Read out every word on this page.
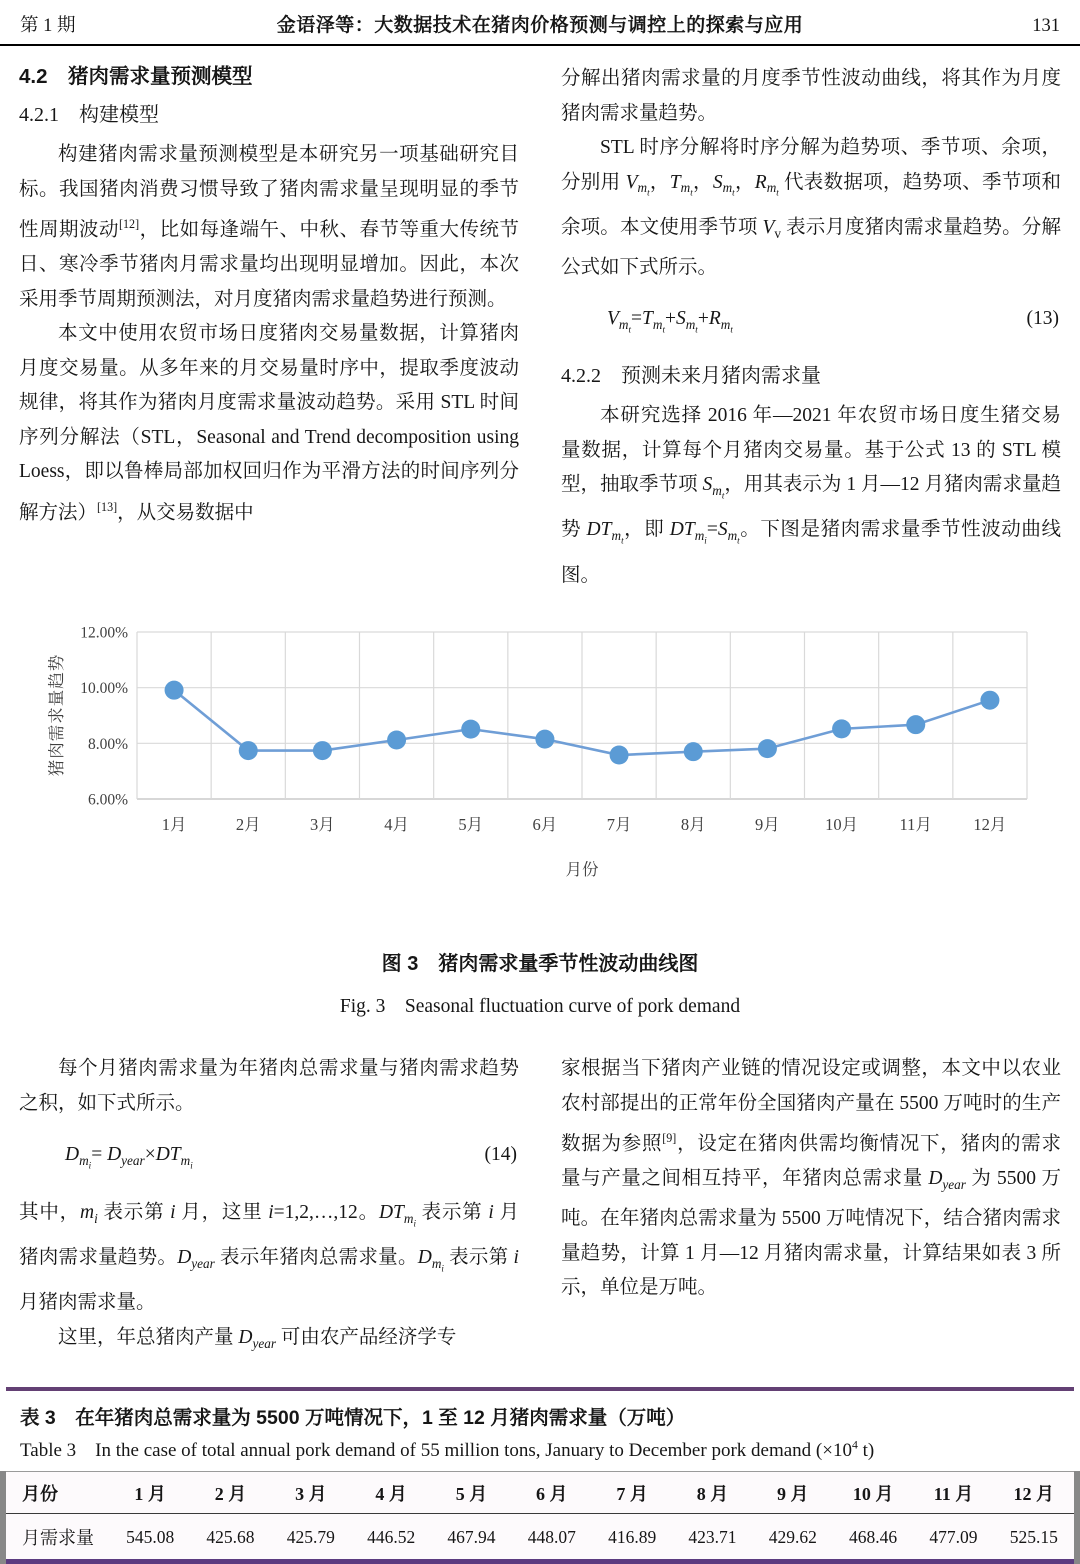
第 1 期	金语泽等：大数据技术在猪肉价格预测与调控上的探索与应用	131
4.2　猪肉需求量预测模型
4.2.1　构建模型

构建猪肉需求量预测模型是本研究另一项基础研究目标。我国猪肉消费习惯导致了猪肉需求量呈现明显的季节性周期波动[12]，比如每逢端午、中秋、春节等重大传统节日、寒冷季节猪肉月需求量均出现明显增加。因此，本次采用季节周期预测法，对月度猪肉需求量趋势进行预测。

本文中使用农贸市场日度猪肉交易量数据，计算猪肉月度交易量。从多年来的月交易量时序中，提取季度波动规律，将其作为猪肉月度需求量波动趋势。采用 STL 时间序列分解法（STL，Seasonal and Trend decomposition using Loess，即以鲁棒局部加权回归作为平滑方法的时间序列分解方法）[13]，从交易数据中

分解出猪肉需求量的月度季节性波动曲线，将其作为月度猪肉需求量趋势。

STL 时序分解将时序分解为趋势项、季节项、余项，分别用 $V_{m_t}$，$T_{m_t}$，$S_{m_t}$，$R_{m_t}$ 代表数据项，趋势项、季节项和余项。本文使用季节项 $V_v$ 表示月度猪肉需求量趋势。分解公式如下式所示。

$V_{m_t}=T_{m_t}+S_{m_t}+R_{m_t}$
(13)
4.2.2　预测未来月猪肉需求量

本研究选择 2016 年—2021 年农贸市场日度生猪交易量数据，计算每个月猪肉交易量。基于公式 13 的 STL 模型，抽取季节项 $S_{m_t}$，用其表示为 1 月—12 月猪肉需求量趋势 $DT_{m_t}$，即 $DT_{m_i}=S_{m_t}$。下图是猪肉需求量季节性波动曲线图。

猪肉需求量趋势
12.00%
10.00%
8.00%
6.00%
1月	2月	3月	4月	5月	6月	7月	8月	9月	10月	11月	12月
月份
图 3　猪肉需求量季节性波动曲线图
Fig. 3　Seasonal fluctuation curve of pork demand

每个月猪肉需求量为年猪肉总需求量与猪肉需求趋势之积，如下式所示。

$D_{m_i}= D_{year}\times DT_{m_i}$
(14)

其中，$m_i$ 表示第 i 月，这里 i=1,2,…,12。$DT_{m_i}$ 表示第 i 月猪肉需求量趋势。$D_{year}$ 表示年猪肉总需求量。$D_{m_i}$ 表示第 i 月猪肉需求量。

这里，年总猪肉产量 $D_{year}$ 可由农产品经济学专

家根据当下猪肉产业链的情况设定或调整，本文中以农业农村部提出的正常年份全国猪肉产量在 5500 万吨时的生产数据为参照[9]，设定在猪肉供需均衡情况下，猪肉的需求量与产量之间相互持平，年猪肉总需求量 $D_{year}$ 为 5500 万吨。在年猪肉总需求量为 5500 万吨情况下，结合猪肉需求量趋势，计算 1 月—12 月猪肉需求量，计算结果如表 3 所示，单位是万吨。

表 3　在年猪肉总需求量为 5500 万吨情况下，1 至 12 月猪肉需求量（万吨）
Table 3　In the case of total annual pork demand of 55 million tons, January to December pork demand ($\times 10^4$ t)
月份	1 月	2 月	3 月	4 月	5 月	6 月	7 月	8 月	9 月	10 月	11 月	12 月
月需求量	545.08	425.68	425.79	446.52	467.94	448.07	416.89	423.71	429.62	468.46	477.09	525.15
